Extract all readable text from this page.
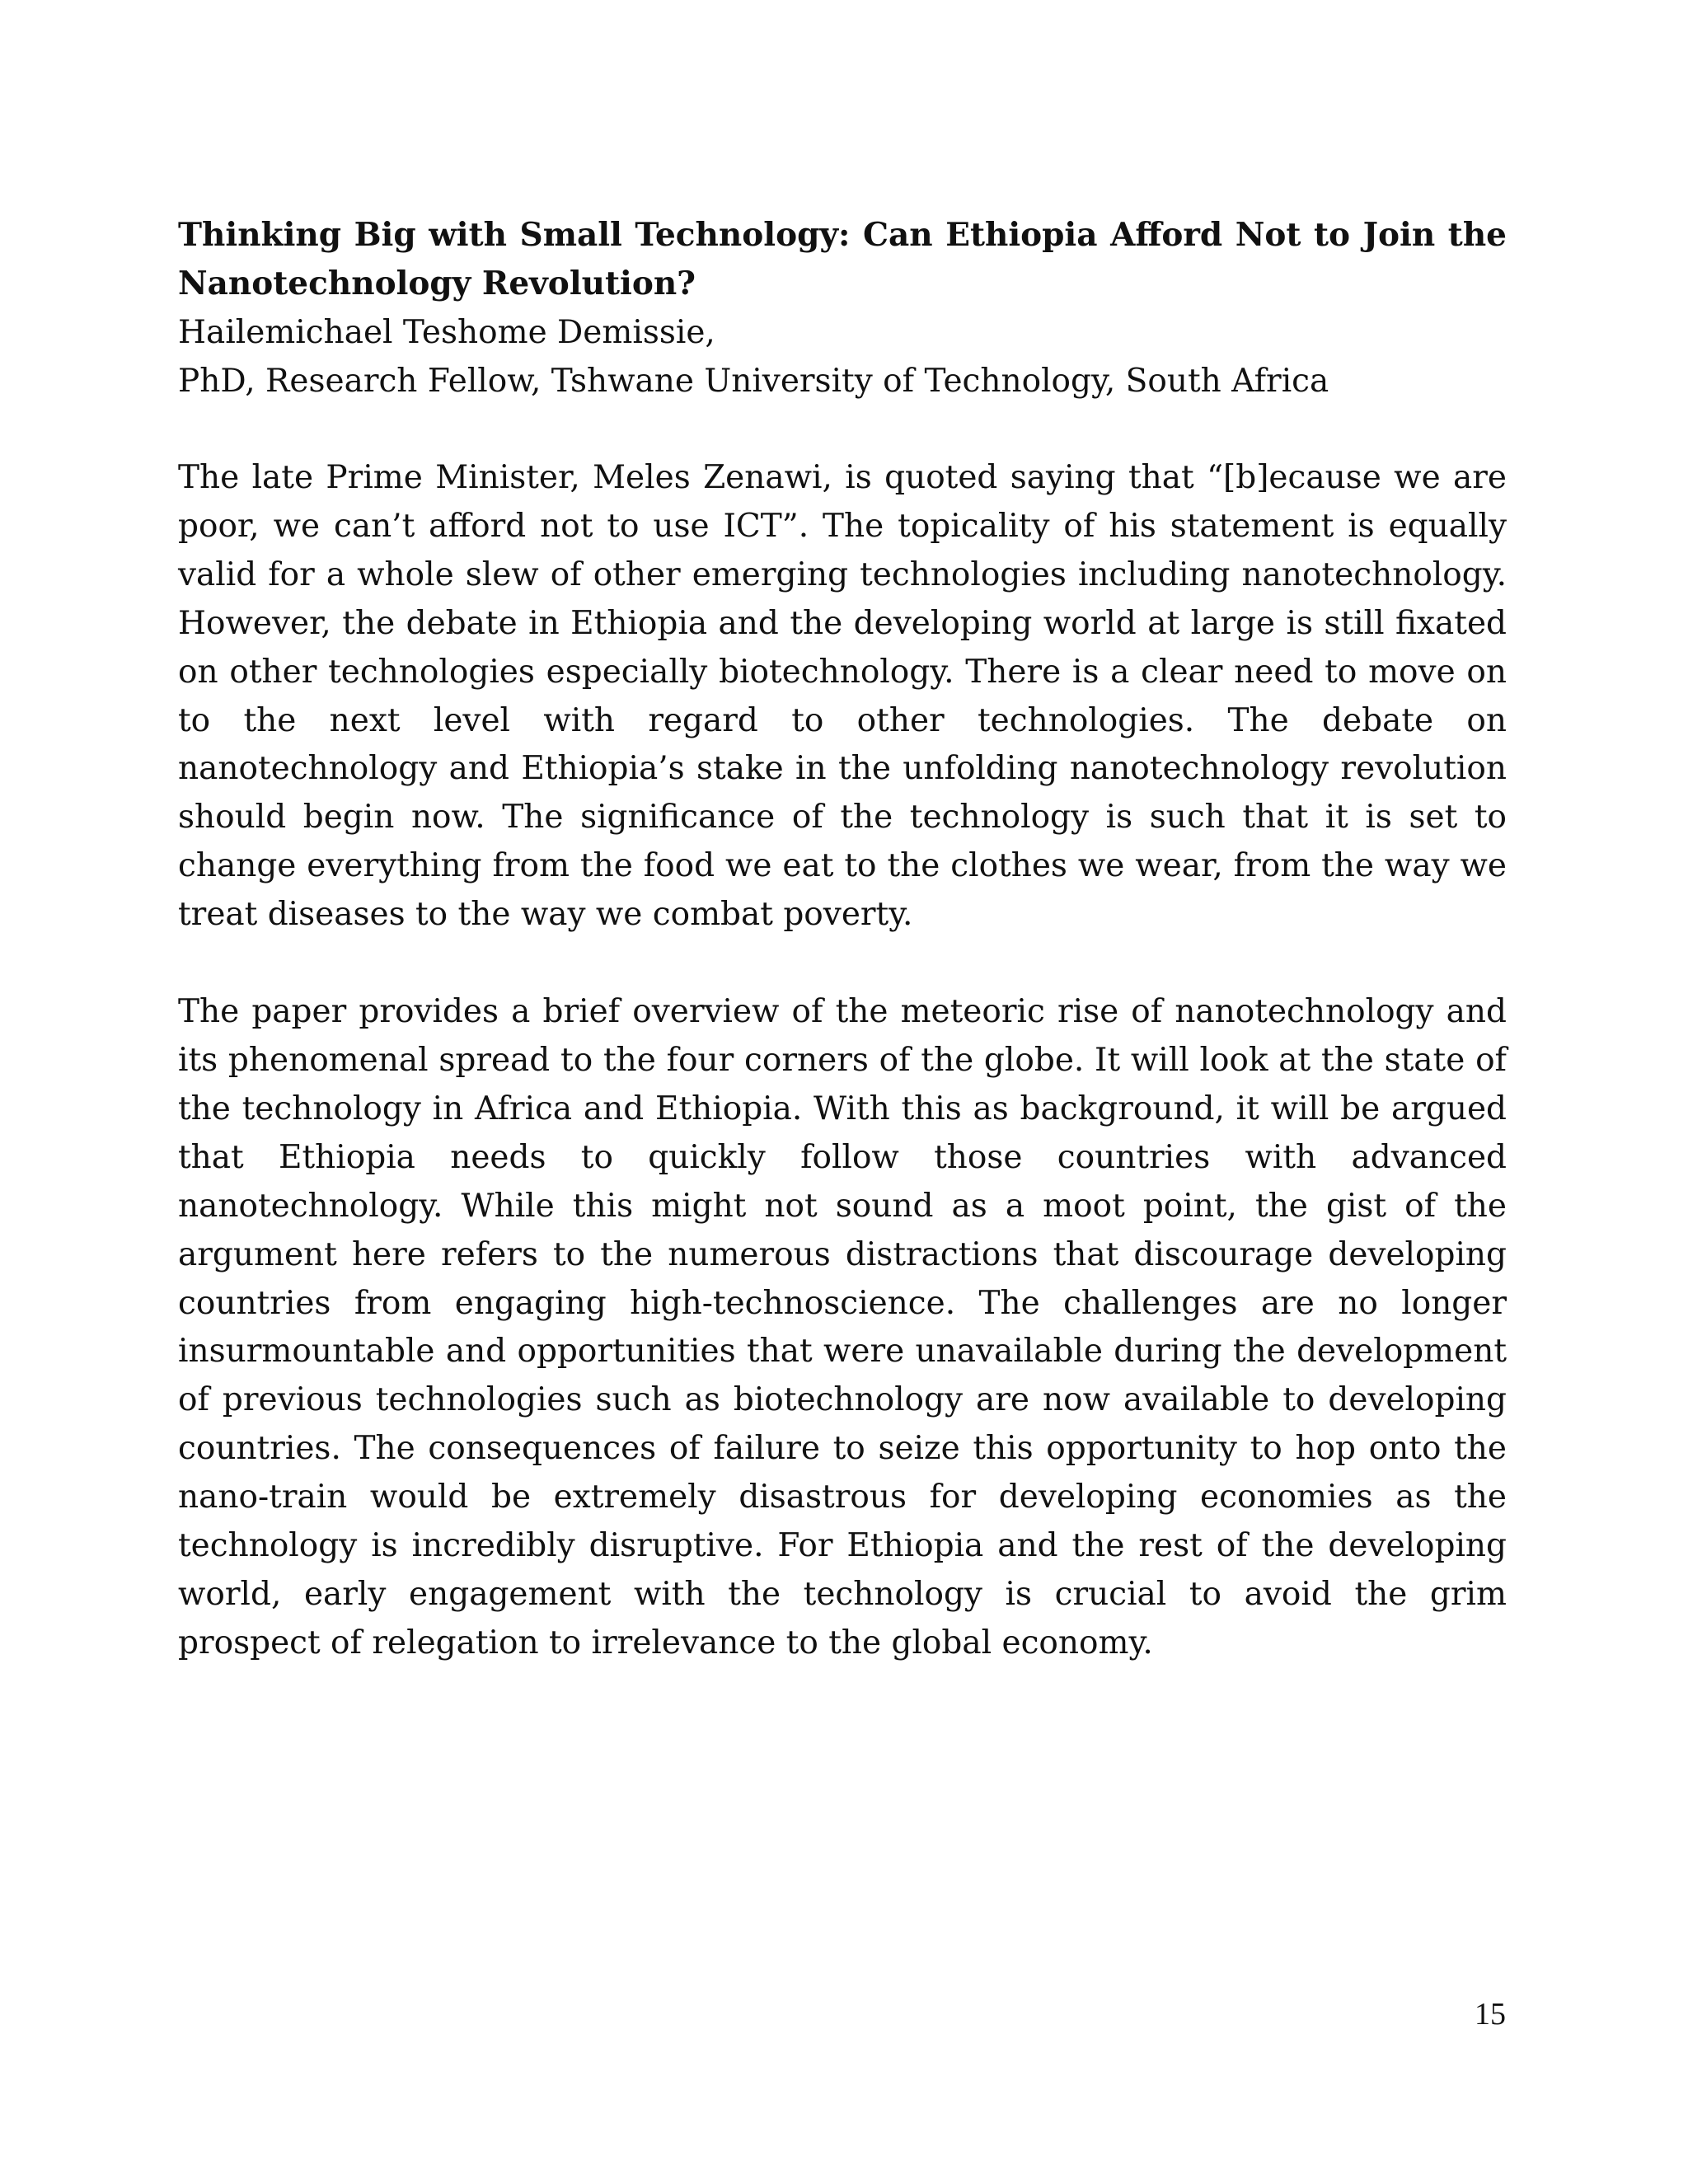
Thinking Big with Small Technology: Can Ethiopia Afford Not to Join the Nanotechnology Revolution?

Hailemichael Teshome Demissie,

PhD, Research Fellow, Tshwane University of Technology, South Africa

The late Prime Minister, Meles Zenawi, is quoted saying that “[b]ecause we are poor, we can’t afford not to use ICT”. The topicality of his statement is equally valid for a whole slew of other emerging technologies including nanotechnology. However, the debate in Ethiopia and the developing world at large is still fixated on other technologies especially biotechnology. There is a clear need to move on to the next level with regard to other technologies. The debate on nanotechnology and Ethiopia’s stake in the unfolding nanotechnology revolution should begin now. The significance of the technology is such that it is set to change everything from the food we eat to the clothes we wear, from the way we treat diseases to the way we combat poverty.

The paper provides a brief overview of the meteoric rise of nanotechnology and its phenomenal spread to the four corners of the globe. It will look at the state of the technology in Africa and Ethiopia. With this as background, it will be argued that Ethiopia needs to quickly follow those countries with advanced nanotechnology. While this might not sound as a moot point, the gist of the argument here refers to the numerous distractions that discourage developing countries from engaging high-technoscience. The challenges are no longer insurmountable and opportunities that were unavailable during the development of previous technologies such as biotechnology are now available to developing countries. The consequences of failure to seize this opportunity to hop onto the nano-train would be extremely disastrous for developing economies as the technology is incredibly disruptive. For Ethiopia and the rest of the developing world, early engagement with the technology is crucial to avoid the grim prospect of relegation to irrelevance to the global economy.

15
